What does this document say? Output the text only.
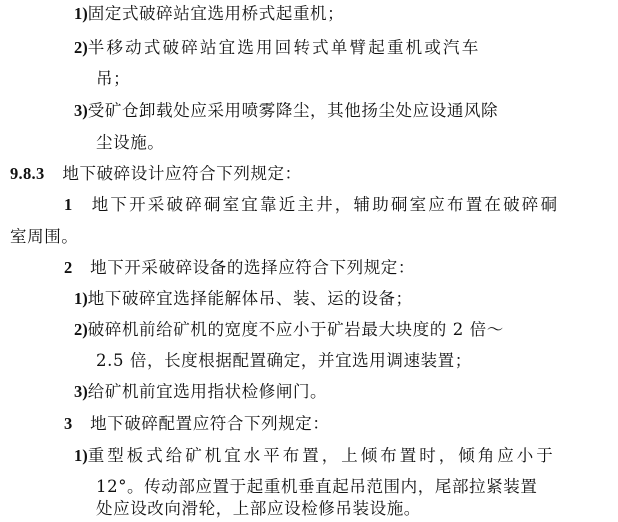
1)固定式破碎站宜选用桥式起重机；
2)半移动式破碎站宜选用回转式单臂起重机或汽车
吊；
3)受矿仓卸载处应采用喷雾降尘，其他扬尘处应设通风除
尘设施。
9.8.3 地下破碎设计应符合下列规定：
1 地下开采破碎硐室宜靠近主井，辅助硐室应布置在破碎硐
室周围。
2 地下开采破碎设备的选择应符合下列规定：
1)地下破碎宜选择能解体吊、装、运的设备；
2)破碎机前给矿机的宽度不应小于矿岩最大块度的 2 倍～
2.5 倍，长度根据配置确定，并宜选用调速装置；
3)给矿机前宜选用指状检修闸门。
3 地下破碎配置应符合下列规定：
1)重型板式给矿机宜水平布置，上倾布置时，倾角应小于
12°。传动部应置于起重机垂直起吊范围内，尾部拉紧装置
处应设改向滑轮，上部应设检修吊装设施。
